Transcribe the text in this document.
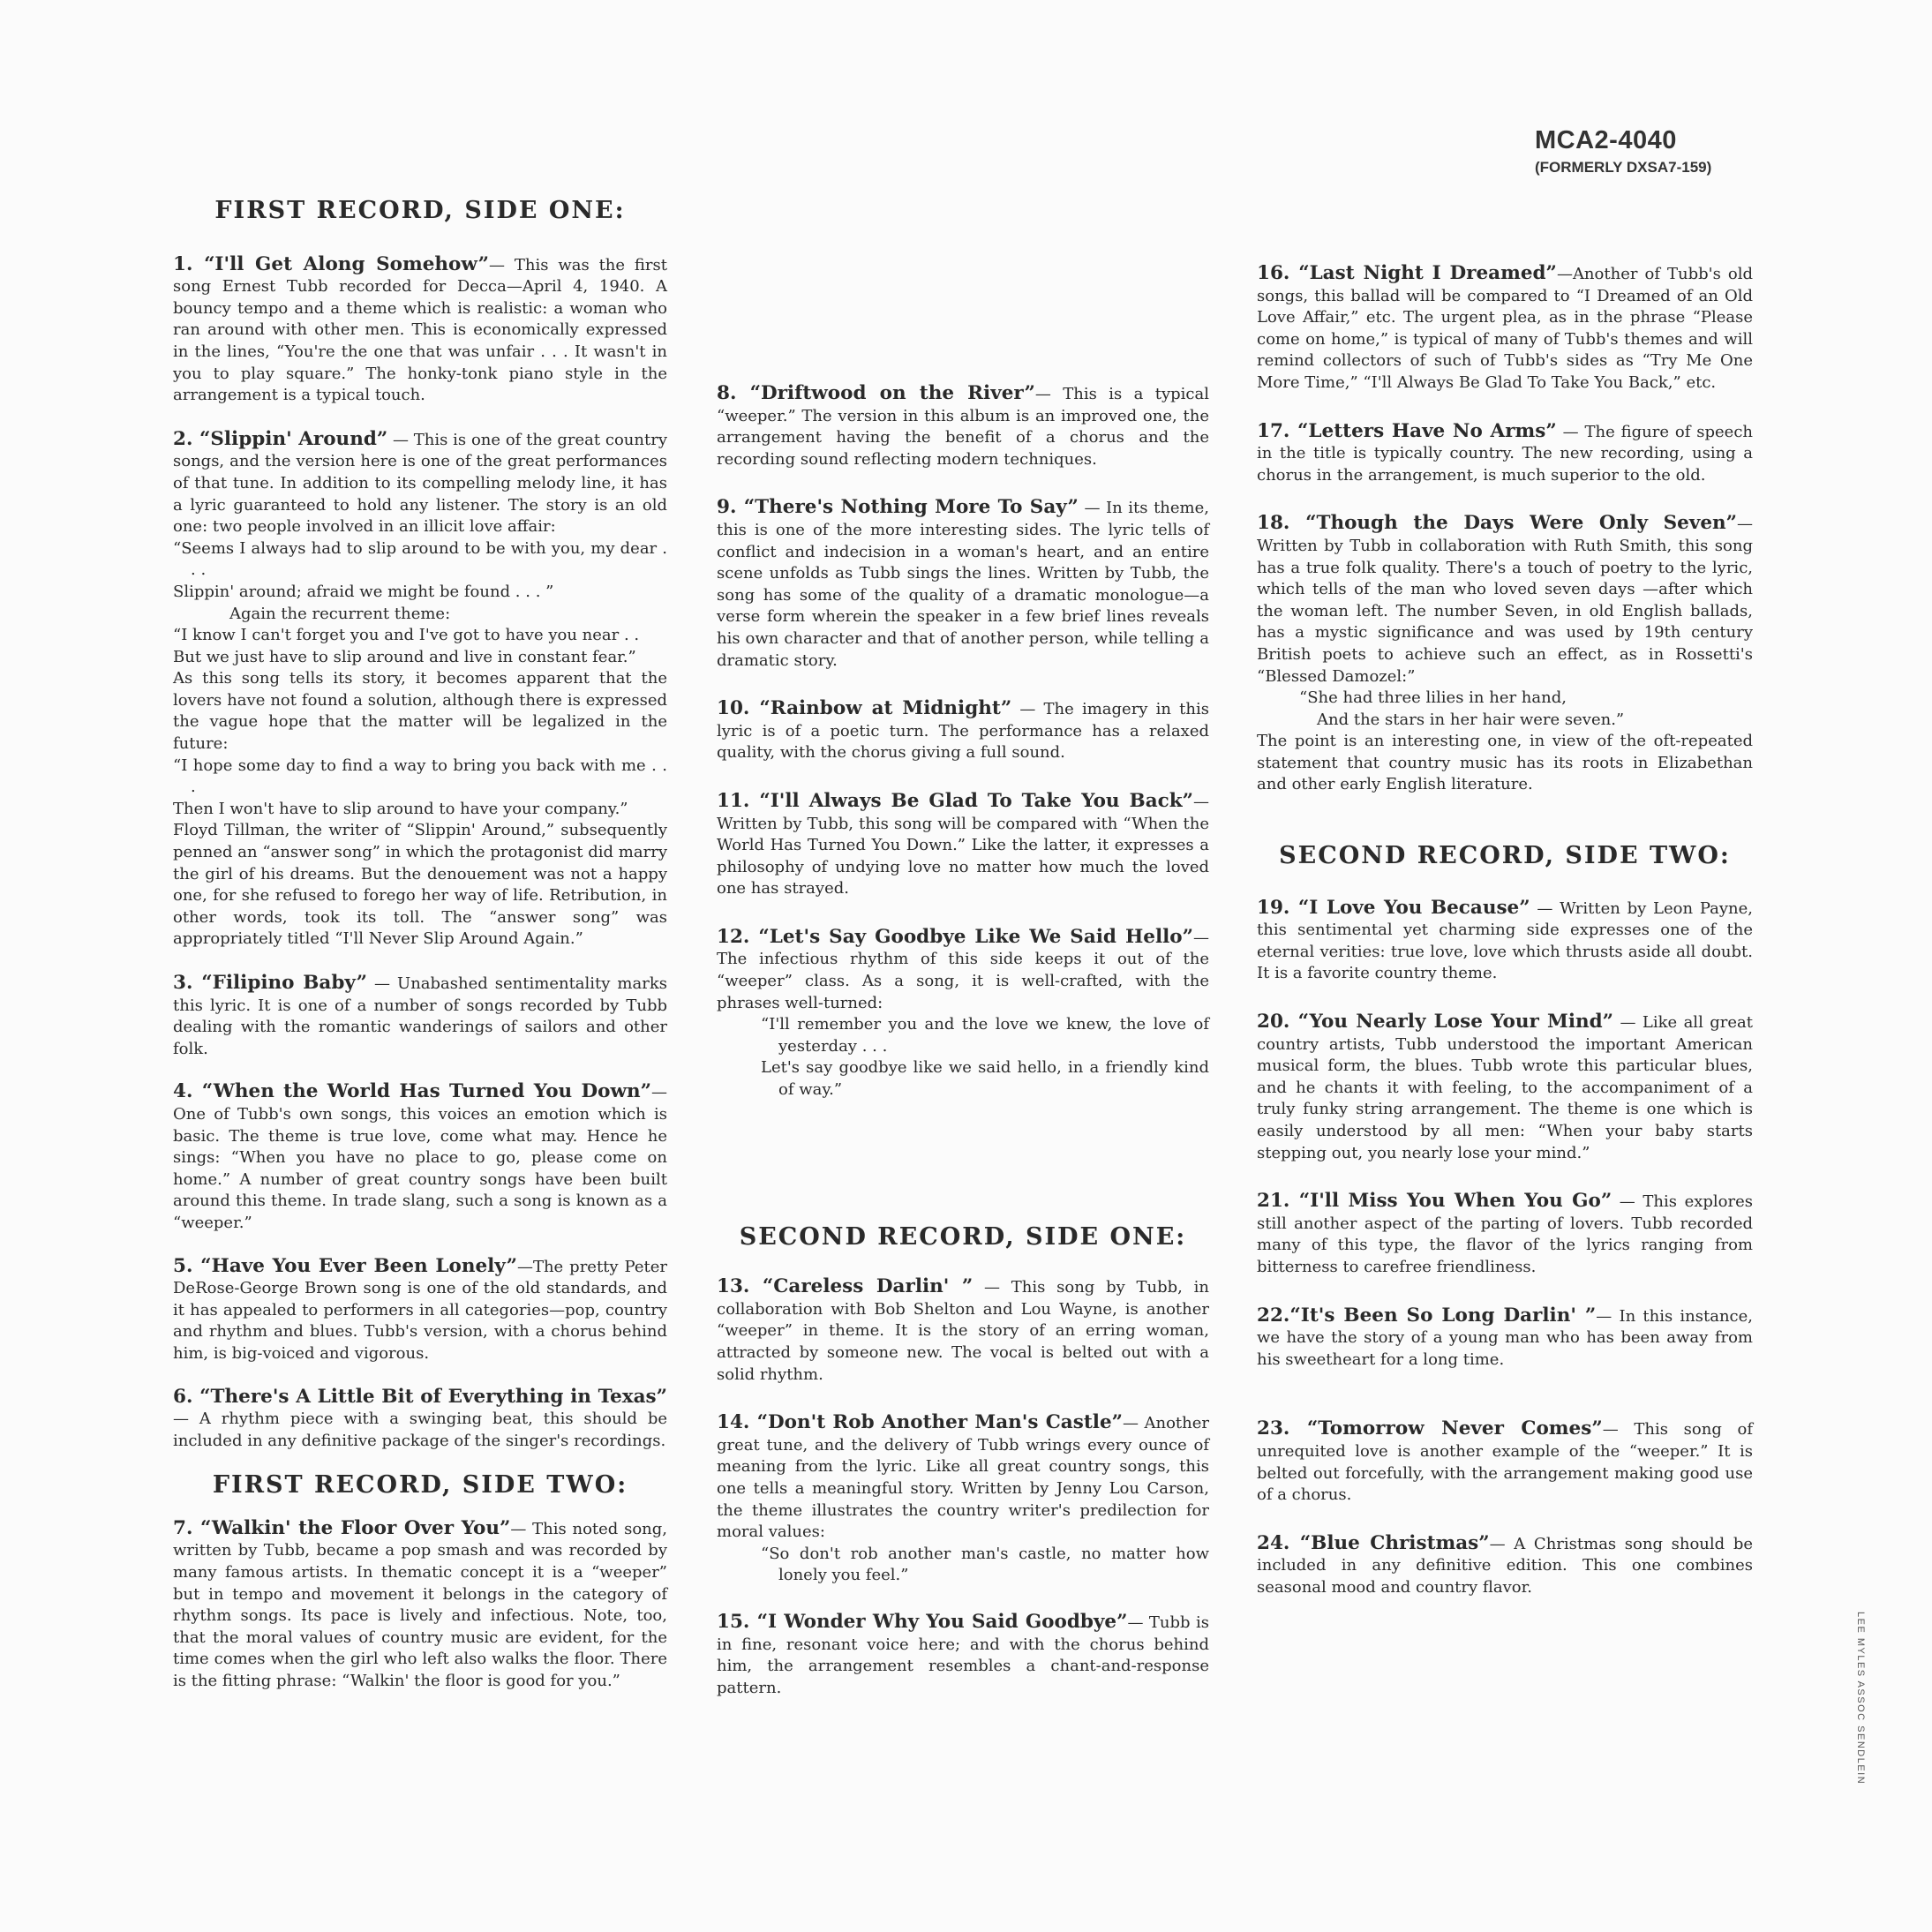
MCA2-4040
(FORMERLY DXSA7-159)
FIRST RECORD, SIDE ONE:

1. “I'll Get Along Somehow”— This was the first song Ernest Tubb recorded for Decca—April 4, 1940. A bouncy tempo and a theme which is realistic: a woman who ran around with other men. This is economically expressed in the lines, “You're the one that was unfair . . . It wasn't in you to play square.” The honky-tonk piano style in the arrangement is a typical touch.

2. “Slippin' Around” — This is one of the great country songs, and the version here is one of the great performances of that tune. In addition to its compelling melody line, it has a lyric guaranteed to hold any listener. The story is an old one: two people involved in an illicit love affair:

“Seems I always had to slip around to be with you, my dear . . .

Slippin' around; afraid we might be found . . . ”

Again the recurrent theme:

“I know I can't forget you and I've got to have you near . .

But we just have to slip around and live in constant fear.”

As this song tells its story, it becomes apparent that the lovers have not found a solution, although there is expressed the vague hope that the matter will be legalized in the future:

“I hope some day to find a way to bring you back with me . . .

Then I won't have to slip around to have your company.”

Floyd Tillman, the writer of “Slippin' Around,” subsequently penned an “answer song” in which the protagonist did marry the girl of his dreams. But the denouement was not a happy one, for she refused to forego her way of life. Retribution, in other words, took its toll. The “answer song” was appropriately titled “I'll Never Slip Around Again.”

3. “Filipino Baby” — Unabashed sentimentality marks this lyric. It is one of a number of songs recorded by Tubb dealing with the romantic wanderings of sailors and other folk.

4. “When the World Has Turned You Down”—One of Tubb's own songs, this voices an emotion which is basic. The theme is true love, come what may. Hence he sings: “When you have no place to go, please come on home.” A number of great country songs have been built around this theme. In trade slang, such a song is known as a “weeper.”

5. “Have You Ever Been Lonely”—The pretty Peter DeRose-George Brown song is one of the old standards, and it has appealed to performers in all categories—pop, country and rhythm and blues. Tubb's version, with a chorus behind him, is big-voiced and vigorous.

6. “There's A Little Bit of Everything in Texas” — A rhythm piece with a swinging beat, this should be included in any definitive package of the singer's recordings.

FIRST RECORD, SIDE TWO:

7. “Walkin' the Floor Over You”— This noted song, written by Tubb, became a pop smash and was recorded by many famous artists. In thematic concept it is a “weeper” but in tempo and movement it belongs in the category of rhythm songs. Its pace is lively and infectious. Note, too, that the moral values of country music are evident, for the time comes when the girl who left also walks the floor. There is the fitting phrase: “Walkin' the floor is good for you.”

8. “Driftwood on the River”— This is a typical “weeper.” The version in this album is an improved one, the arrangement having the benefit of a chorus and the recording sound reflecting modern techniques.

9. “There's Nothing More To Say” — In its theme, this is one of the more interesting sides. The lyric tells of conflict and indecision in a woman's heart, and an entire scene unfolds as Tubb sings the lines. Written by Tubb, the song has some of the quality of a dramatic monologue—a verse form wherein the speaker in a few brief lines reveals his own character and that of another person, while telling a dramatic story.

10. “Rainbow at Midnight” — The imagery in this lyric is of a poetic turn. The performance has a relaxed quality, with the chorus giving a full sound.

11. “I'll Always Be Glad To Take You Back”— Written by Tubb, this song will be compared with “When the World Has Turned You Down.” Like the latter, it expresses a philosophy of undying love no matter how much the loved one has strayed.

12. “Let's Say Goodbye Like We Said Hello”— The infectious rhythm of this side keeps it out of the “weeper” class. As a song, it is well-crafted, with the phrases well-turned:

“I'll remember you and the love we knew, the love of yesterday . . .

Let's say goodbye like we said hello, in a friendly kind of way.”

SECOND RECORD, SIDE ONE:

13. “Careless Darlin' ” — This song by Tubb, in collaboration with Bob Shelton and Lou Wayne, is another “weeper” in theme. It is the story of an erring woman, attracted by someone new. The vocal is belted out with a solid rhythm.

14. “Don't Rob Another Man's Castle”— Another great tune, and the delivery of Tubb wrings every ounce of meaning from the lyric. Like all great country songs, this one tells a meaningful story. Written by Jenny Lou Carson, the theme illustrates the country writer's predilection for moral values:

“So don't rob another man's castle, no matter how lonely you feel.”

15. “I Wonder Why You Said Goodbye”— Tubb is in fine, resonant voice here; and with the chorus behind him, the arrangement resembles a chant-and-response pattern.

16. “Last Night I Dreamed”—Another of Tubb's old songs, this ballad will be compared to “I Dreamed of an Old Love Affair,” etc. The urgent plea, as in the phrase “Please come on home,” is typical of many of Tubb's themes and will remind collectors of such of Tubb's sides as “Try Me One More Time,” “I'll Always Be Glad To Take You Back,” etc.

17. “Letters Have No Arms” — The figure of speech in the title is typically country. The new recording, using a chorus in the arrangement, is much superior to the old.

18. “Though the Days Were Only Seven”—Written by Tubb in collaboration with Ruth Smith, this song has a true folk quality. There's a touch of poetry to the lyric, which tells of the man who loved seven days —after which the woman left. The number Seven, in old English ballads, has a mystic significance and was used by 19th century British poets to achieve such an effect, as in Rossetti's “Blessed Damozel:”

“She had three lilies in her hand,

And the stars in her hair were seven.”

The point is an interesting one, in view of the oft-repeated statement that country music has its roots in Elizabethan and other early English literature.

SECOND RECORD, SIDE TWO:

19. “I Love You Because” — Written by Leon Payne, this sentimental yet charming side expresses one of the eternal verities: true love, love which thrusts aside all doubt. It is a favorite country theme.

20. “You Nearly Lose Your Mind” — Like all great country artists, Tubb understood the important American musical form, the blues. Tubb wrote this particular blues, and he chants it with feeling, to the accompaniment of a truly funky string arrangement. The theme is one which is easily understood by all men: “When your baby starts stepping out, you nearly lose your mind.”

21. “I'll Miss You When You Go” — This explores still another aspect of the parting of lovers. Tubb recorded many of this type, the flavor of the lyrics ranging from bitterness to carefree friendliness.

22.“It's Been So Long Darlin' ”— In this instance, we have the story of a young man who has been away from his sweetheart for a long time.

23. “Tomorrow Never Comes”— This song of unrequited love is another example of the “weeper.” It is belted out forcefully, with the arrangement making good use of a chorus.

24. “Blue Christmas”— A Christmas song should be included in any definitive edition. This one combines seasonal mood and country flavor.

LEE MYLES ASSOC SENDLEIN
